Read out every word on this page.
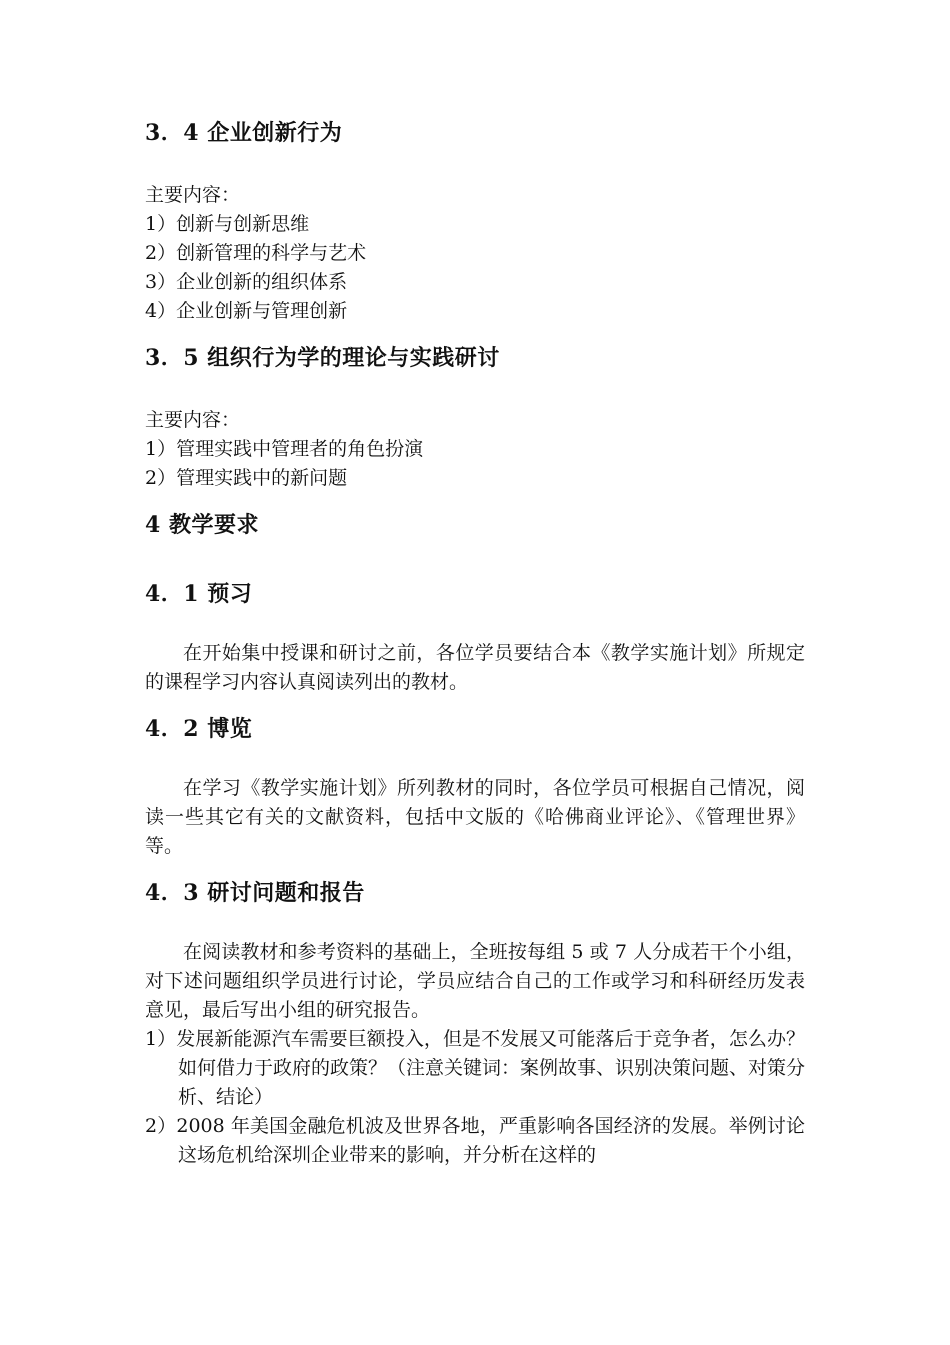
3．4 企业创新行为

主要内容：

1）创新与创新思维

2）创新管理的科学与艺术

3）企业创新的组织体系

4）企业创新与管理创新

3．5 组织行为学的理论与实践研讨

主要内容：

1）管理实践中管理者的角色扮演

2）管理实践中的新问题

4 教学要求
4．1 预习

在开始集中授课和研讨之前，各位学员要结合本《教学实施计划》所规定的课程学习内容认真阅读列出的教材。

4．2 博览

在学习《教学实施计划》所列教材的同时，各位学员可根据自己情况，阅读一些其它有关的文献资料，包括中文版的《哈佛商业评论》、《管理世界》等。

4．3 研讨问题和报告

在阅读教材和参考资料的基础上，全班按每组 5 或 7 人分成若干个小组，对下述问题组织学员进行讨论，学员应结合自己的工作或学习和科研经历发表意见，最后写出小组的研究报告。

1）发展新能源汽车需要巨额投入，但是不发展又可能落后于竞争者，怎么办？如何借力于政府的政策？（注意关键词：案例故事、识别决策问题、对策分析、结论）

2）2008 年美国金融危机波及世界各地，严重影响各国经济的发展。举例讨论这场危机给深圳企业带来的影响，并分析在这样的
